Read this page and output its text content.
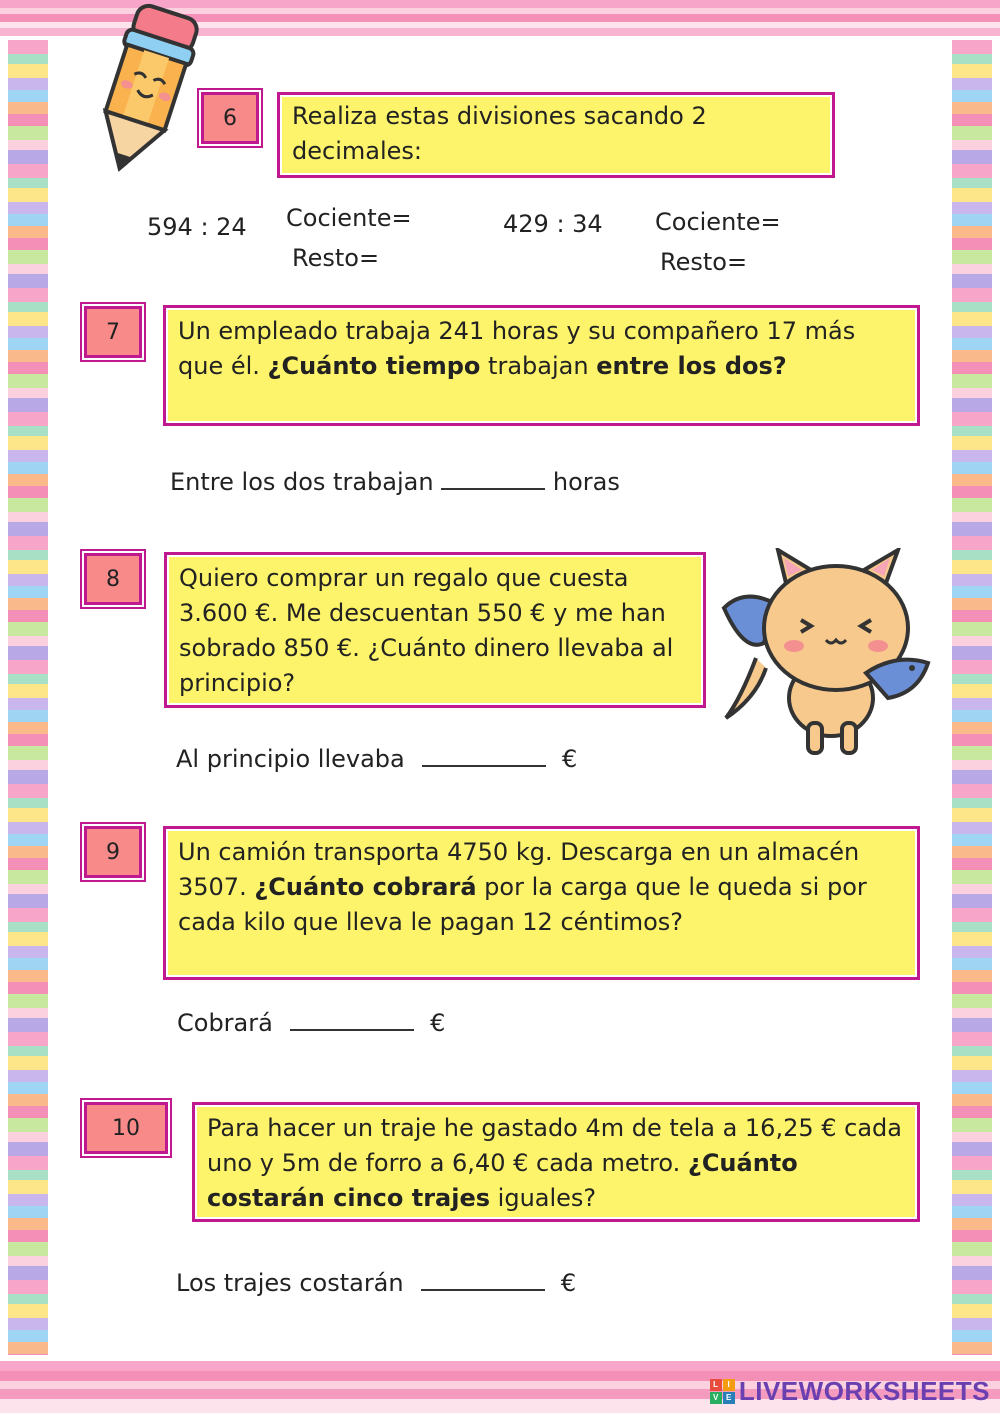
6	Realiza estas divisiones sacando 2 decimales:
594 : 24 Cociente=
Resto=
429 : 34 Cociente=
Resto=
7	Un empleado trabaja 241 horas y su compañero 17 más que él. ¿Cuánto tiempo trabajan entre los dos?
Entre los dos trabajan	horas
8	Quiero comprar un regalo que cuesta 3.600 €. Me descuentan 550 € y me han sobrado 850 €. ¿Cuánto dinero llevaba al principio?
Al principio llevaba	€
9	Un camión transporta 4750 kg. Descarga en un almacén 3507. ¿Cuánto cobrará por la carga que le queda si por cada kilo que lleva le pagan 12 céntimos?
Cobrará	€
10	Para hacer un traje he gastado 4m de tela a 16,25 € cada uno y 5m de forro a 6,40 € cada metro. ¿Cuánto costarán cinco trajes iguales?
Los trajes costarán	€
L	I
V E LIVEWORKSHEETS
